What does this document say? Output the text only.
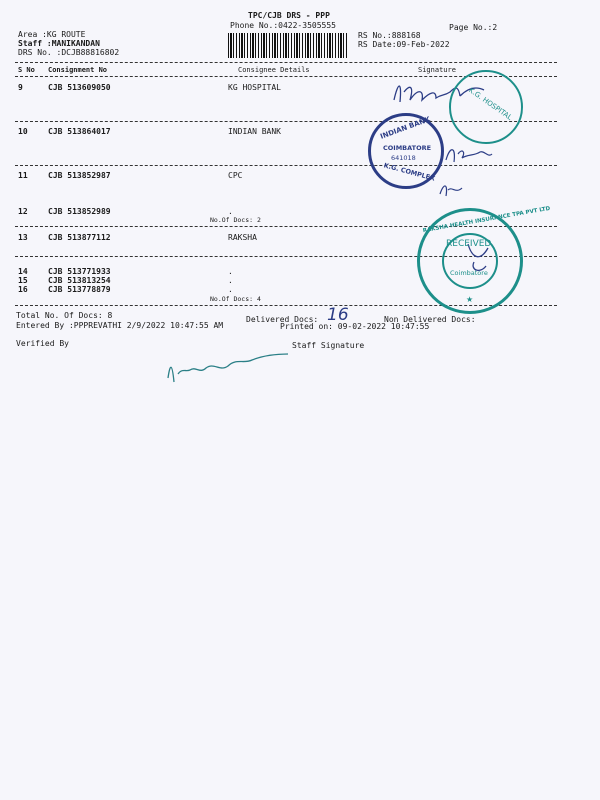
TPC/CJB DRS - PPP
Phone No.:0422-3505555	Page No.:2
Area :KG ROUTE
Staff :MANIKANDAN
DRS No. :DCJB88816802
RS No.:888168
RS Date:09-Feb-2022
S No Consignment No	Consignee Details	Signature
9	CJB 513609050	KG HOSPITAL
10	CJB 513864017	INDIAN BANK
11	CJB 513852987	CPC
12	CJB 513852989	.
No.Of Docs: 2
13	CJB 513877112	RAKSHA
14	CJB 513771933	.
15	CJB 513813254	.
16	CJB 513778879	.
No.Of Docs: 4
Total No. Of Docs: 8	Delivered Docs: 16	Non Delivered Docs:
Entered By :PPPREVATHI 2/9/2022 10:47:55 AM	Printed on: 09-02-2022 10:47:55
Verified By	Staff Signature
K.G. HOSPITAL
INDIAN BANK
COIMBATORE
641018
K.G. COMPLEX
RAKSHA HEALTH INSURANCE TPA PVT LTD
RECEIVED
Coimbatore
★
